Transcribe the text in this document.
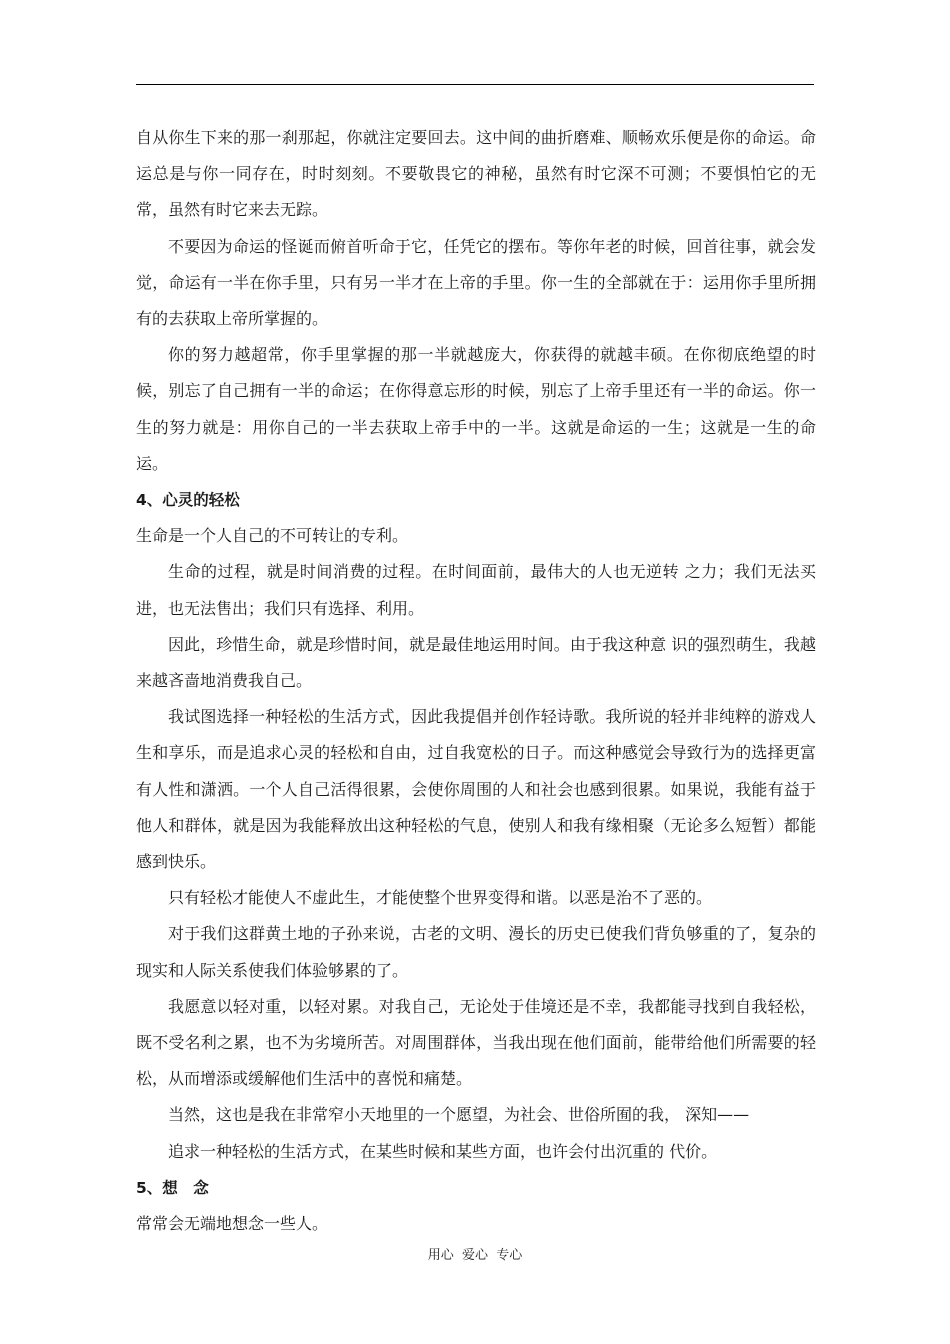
自从你生下来的那一刹那起，你就注定要回去。这中间的曲折磨难、顺畅欢乐便是你的命运。命运总是与你一同存在，时时刻刻。不要敬畏它的神秘，虽然有时它深不可测；不要惧怕它的无常，虽然有时它来去无踪。

不要因为命运的怪诞而俯首听命于它，任凭它的摆布。等你年老的时候，回首往事，就会发觉，命运有一半在你手里，只有另一半才在上帝的手里。你一生的全部就在于：运用你手里所拥有的去获取上帝所掌握的。

你的努力越超常，你手里掌握的那一半就越庞大，你获得的就越丰硕。在你彻底绝望的时候，别忘了自己拥有一半的命运；在你得意忘形的时候，别忘了上帝手里还有一半的命运。你一生的努力就是：用你自己的一半去获取上帝手中的一半。这就是命运的一生；这就是一生的命运。

4、心灵的轻松

生命是一个人自己的不可转让的专利。

生命的过程，就是时间消费的过程。在时间面前，最伟大的人也无逆转 之力；我们无法买进，也无法售出；我们只有选择、利用。

因此，珍惜生命，就是珍惜时间，就是最佳地运用时间。由于我这种意 识的强烈萌生，我越来越吝啬地消费我自己。

我试图选择一种轻松的生活方式，因此我提倡并创作轻诗歌。我所说的轻并非纯粹的游戏人生和享乐，而是追求心灵的轻松和自由，过自我宽松的日子。而这种感觉会导致行为的选择更富有人性和潇洒。一个人自己活得很累，会使你周围的人和社会也感到很累。如果说，我能有益于他人和群体，就是因为我能释放出这种轻松的气息，使别人和我有缘相聚（无论多么短暂）都能感到快乐。

只有轻松才能使人不虚此生，才能使整个世界变得和谐。以恶是治不了恶的。

对于我们这群黄土地的子孙来说，古老的文明、漫长的历史已使我们背负够重的了，复杂的现实和人际关系使我们体验够累的了。

我愿意以轻对重，以轻对累。对我自己，无论处于佳境还是不幸，我都能寻找到自我轻松，既不受名利之累，也不为劣境所苦。对周围群体，当我出现在他们面前，能带给他们所需要的轻松，从而增添或缓解他们生活中的喜悦和痛楚。

当然，这也是我在非常窄小天地里的一个愿望，为社会、世俗所囿的我， 深知——

追求一种轻松的生活方式，在某些时候和某些方面，也许会付出沉重的 代价。

5、想　念

常常会无端地想念一些人。

用心  爱心  专心
